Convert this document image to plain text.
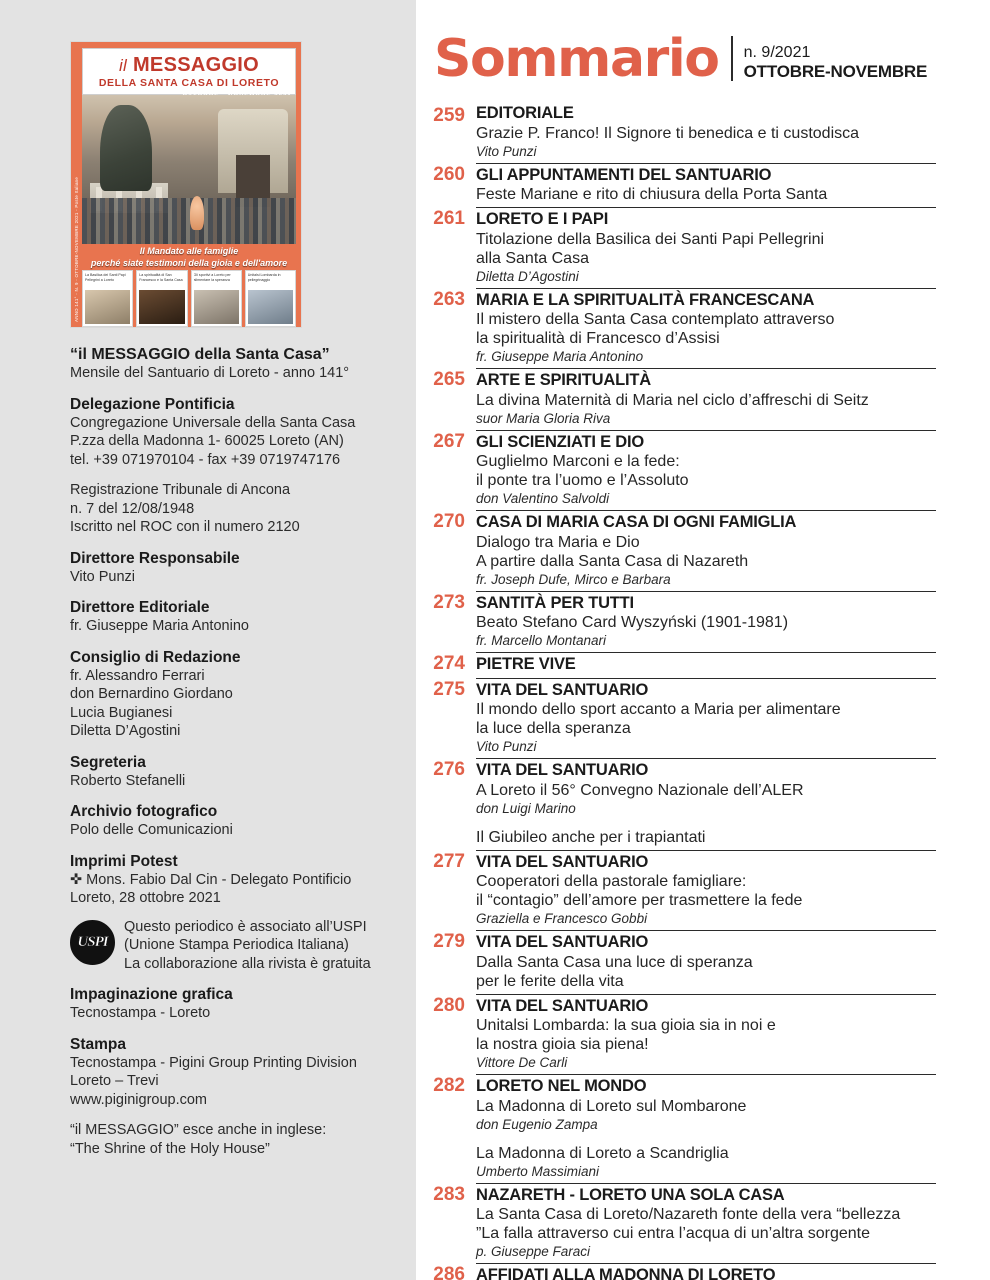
ANNO 141° - N. 9 - OTTOBRE-NOVEMBRE 2021 - Poste Italiane
il MESSAGGIO
DELLA SANTA CASA DI LORETO
Il Mandato alle famiglie
perché siate testimoni della gioia e dell'amore
La Basilica dei Santi Papi Pellegrini a Loreto
La spiritualità di San Francesco e la Santa Casa
Gli sportivi a Loreto per alimentare la speranza
Unitalsi Lombarda in pellegrinaggio
“il MESSAGGIO della Santa Casa”
Mensile del Santuario di Loreto - anno 141°
Delegazione Pontificia
Congregazione Universale della Santa Casa
P.zza della Madonna 1- 60025 Loreto (AN)
tel. +39 071970104 - fax +39 0719747176
Registrazione Tribunale di Ancona
n. 7 del 12/08/1948
Iscritto nel ROC con il numero 2120
Direttore Responsabile
Vito Punzi
Direttore Editoriale
fr. Giuseppe Maria Antonino
Consiglio di Redazione
fr. Alessandro Ferrari
don Bernardino Giordano
Lucia Bugianesi
Diletta D’Agostini
Segreteria
Roberto Stefanelli
Archivio fotografico
Polo delle Comunicazioni
Imprimi Potest
✜ Mons. Fabio Dal Cin - Delegato Pontificio
Loreto, 28 ottobre 2021
USPI
Questo periodico è associato all’USPI
(Unione Stampa Periodica Italiana)
La collaborazione alla rivista è gratuita
Impaginazione grafica
Tecnostampa - Loreto
Stampa
Tecnostampa - Pigini Group Printing Division
Loreto – Trevi
www.piginigroup.com
“il MESSAGGIO” esce anche in inglese:
“The Shrine of the Holy House”
Sommario n. 9/2021
OTTOBRE-NOVEMBRE
259 EDITORIALE
Grazie P. Franco! Il Signore ti benedica e ti custodisca
Vito Punzi
260 GLI APPUNTAMENTI DEL SANTUARIO
Feste Mariane e rito di chiusura della Porta Santa
261 LORETO E I PAPI
Titolazione della Basilica dei Santi Papi Pellegrini
alla Santa Casa
Diletta D’Agostini
263 MARIA E LA SPIRITUALITÀ FRANCESCANA
Il mistero della Santa Casa contemplato attraverso
la spiritualità di Francesco d’Assisi
fr. Giuseppe Maria Antonino
265 ARTE E SPIRITUALITÀ
La divina Maternità di Maria nel ciclo d’affreschi di Seitz
suor Maria Gloria Riva
267 GLI SCIENZIATI E DIO
Guglielmo Marconi e la fede:
il ponte tra l’uomo e l’Assoluto
don Valentino Salvoldi
270 CASA DI MARIA CASA DI OGNI FAMIGLIA
Dialogo tra Maria e Dio
A partire dalla Santa Casa di Nazareth
fr. Joseph Dufe, Mirco e Barbara
273 SANTITÀ PER TUTTI
Beato Stefano Card Wyszyński (1901-1981)
fr. Marcello Montanari
274 PIETRE VIVE
275 VITA DEL SANTUARIO
Il mondo dello sport accanto a Maria per alimentare
la luce della speranza
Vito Punzi
276 VITA DEL SANTUARIO
A Loreto il 56° Convegno Nazionale dell’ALER
don Luigi Marino
Il Giubileo anche per i trapiantati
277 VITA DEL SANTUARIO
Cooperatori della pastorale famigliare:
il “contagio” dell’amore per trasmettere la fede
Graziella e Francesco Gobbi
279 VITA DEL SANTUARIO
Dalla Santa Casa una luce di speranza
per le ferite della vita
280 VITA DEL SANTUARIO
Unitalsi Lombarda: la sua gioia sia in noi e
la nostra gioia sia piena!
Vittore De Carli
282 LORETO NEL MONDO
La Madonna di Loreto sul Mombarone
don Eugenio Zampa
La Madonna di Loreto a Scandriglia
Umberto Massimiani
283 NAZARETH - LORETO UNA SOLA CASA
La Santa Casa di Loreto/Nazareth fonte della vera “bellezza
”La falla attraverso cui entra l’acqua di un’altra sorgente
p. Giuseppe Faraci
286 AFFIDATI ALLA MADONNA DI LORETO
